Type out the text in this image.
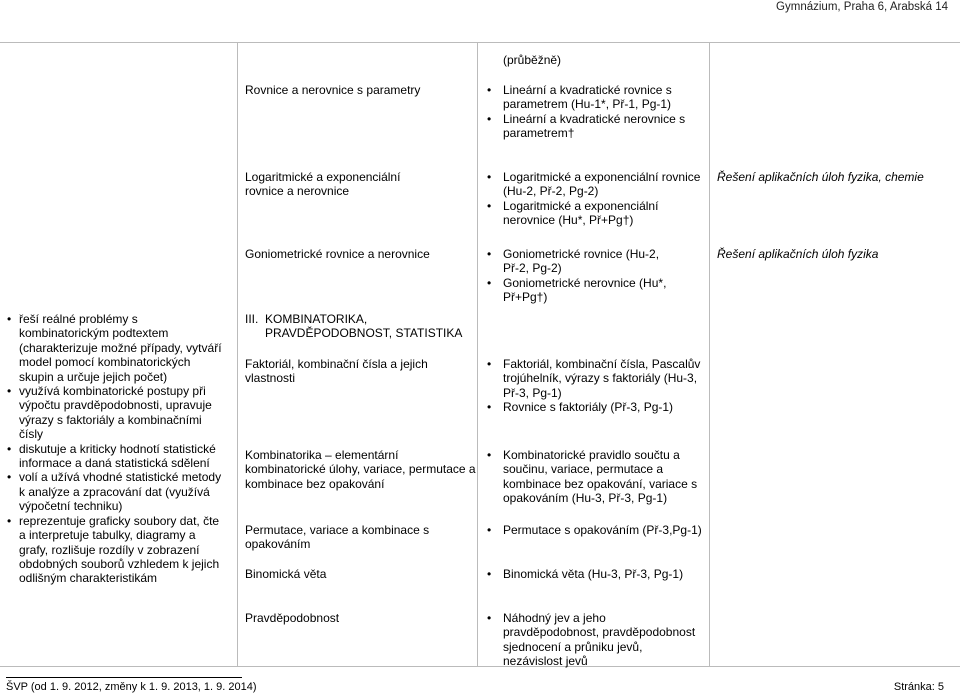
Gymnázium, Praha 6, Arabská 14
• řeší reálné problémy s kombinatorickým podtextem (charakterizuje možné případy, vytváří model pomocí kombinatorických skupin a určuje jejich počet)
• využívá kombinatorické postupy při výpočtu pravděpodobnosti, upravuje výrazy s faktoriály a kombinačními čísly
• diskutuje a kriticky hodnotí statistické informace a daná statistická sdělení
• volí a užívá vhodné statistické metody k analýze a zpracování dat (využívá výpočetní techniku)
• reprezentuje graficky soubory dat, čte a interpretuje tabulky, diagramy a grafy, rozlišuje rozdíly v zobrazení obdobných souborů vzhledem k jejich odlišným charakteristikám
Rovnice a nerovnice s parametry
Logaritmické a exponenciální rovnice a nerovnice
Goniometrické rovnice a nerovnice
III. KOMBINATORIKA, PRAVDĚPODOBNOST, STATISTIKA
Faktoriál, kombinační čísla a jejich vlastnosti
Kombinatorika – elementární kombinatorické úlohy, variace, permutace a kombinace bez opakování
Permutace, variace a kombinace s opakováním
Binomická věta
Pravděpodobnost

(průběžně)

• Lineární a kvadratické rovnice s parametrem (Hu-1*, Př-1, Pg-1)
• Lineární a kvadratické nerovnice s parametrem†
• Logaritmické a exponenciální rovnice (Hu-2, Př-2, Pg-2)
• Logaritmické a exponenciální nerovnice (Hu*, Př+Pg†)
• Goniometrické rovnice (Hu-2, Př-2, Pg-2)
• Goniometrické nerovnice (Hu*, Př+Pg†)
• Faktoriál, kombinační čísla, Pascalův trojúhelník, výrazy s faktoriály (Hu-3, Př-3, Pg-1)
• Rovnice s faktoriály (Př-3, Pg-1)
• Kombinatorické pravidlo součtu a součinu, variace, permutace a kombinace bez opakování, variace s opakováním (Hu-3, Př-3, Pg-1)
• Permutace s opakováním (Př-3,Pg-1)
• Binomická věta (Hu-3, Př-3, Pg-1)
• Náhodný jev a jeho pravděpodobnost, pravděpodobnost sjednocení a průniku jevů, nezávislost jevů
Řešení aplikačních úloh fyzika, chemie
Řešení aplikačních úloh fyzika
ŠVP (od 1. 9. 2012, změny k 1. 9. 2013, 1. 9. 2014)	Stránka: 5
